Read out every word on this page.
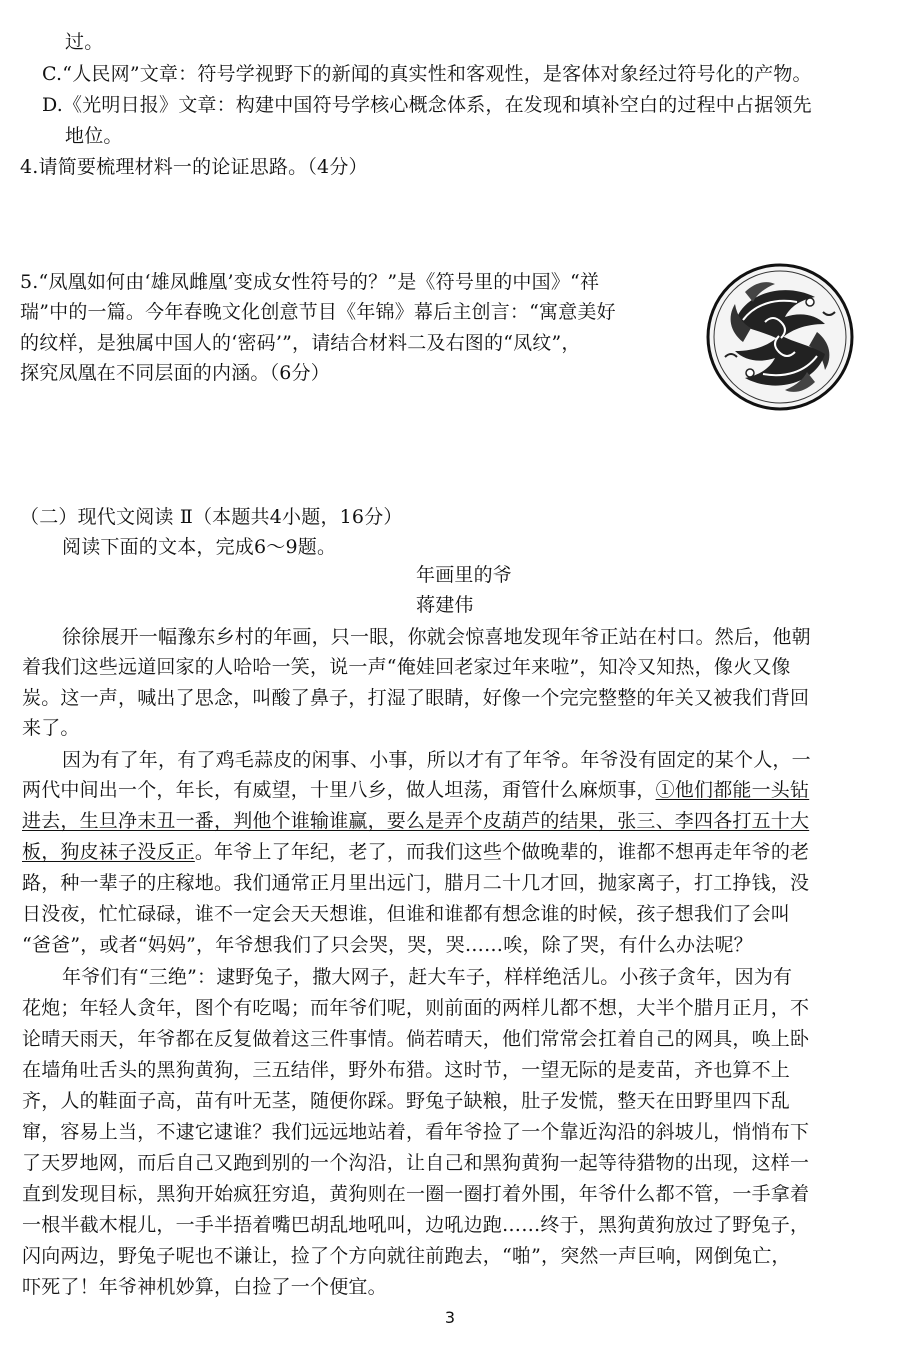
过。
C.“人民网”文章：符号学视野下的新闻的真实性和客观性，是客体对象经过符号化的产物。
D.《光明日报》文章：构建中国符号学核心概念体系，在发现和填补空白的过程中占据领先
地位。
4.请简要梳理材料一的论证思路。（4分）
5.“凤凰如何由‘雄凤雌凰’变成女性符号的？”是《符号里的中国》“祥
瑞”中的一篇。今年春晚文化创意节目《年锦》幕后主创言：“寓意美好
的纹样，是独属中国人的‘密码’”，请结合材料二及右图的“凤纹”，
探究凤凰在不同层面的内涵。（6分）
（二）现代文阅读 Ⅱ（本题共4小题，16分）
阅读下面的文本，完成6～9题。
年画里的爷
蒋建伟
徐徐展开一幅豫东乡村的年画，只一眼，你就会惊喜地发现年爷正站在村口。然后，他朝
着我们这些远道回家的人哈哈一笑，说一声“俺娃回老家过年来啦”，知冷又知热，像火又像
炭。这一声，喊出了思念，叫酸了鼻子，打湿了眼睛，好像一个完完整整的年关又被我们背回
来了。
因为有了年，有了鸡毛蒜皮的闲事、小事，所以才有了年爷。年爷没有固定的某个人，一
两代中间出一个，年长，有威望，十里八乡，做人坦荡，甭管什么麻烦事，①他们都能一头钻
进去，生旦净末丑一番，判他个谁输谁赢，要么是弄个皮葫芦的结果，张三、李四各打五十大
板，狗皮袜子没反正。年爷上了年纪，老了，而我们这些个做晚辈的，谁都不想再走年爷的老
路，种一辈子的庄稼地。我们通常正月里出远门，腊月二十几才回，抛家离子，打工挣钱，没
日没夜，忙忙碌碌，谁不一定会天天想谁，但谁和谁都有想念谁的时候，孩子想我们了会叫
“爸爸”，或者“妈妈”，年爷想我们了只会哭，哭，哭……唉，除了哭，有什么办法呢？
年爷们有“三绝”：逮野兔子，撒大网子，赶大车子，样样绝活儿。小孩子贪年，因为有
花炮；年轻人贪年，图个有吃喝；而年爷们呢，则前面的两样儿都不想，大半个腊月正月，不
论晴天雨天，年爷都在反复做着这三件事情。倘若晴天，他们常常会扛着自己的网具，唤上卧
在墙角吐舌头的黑狗黄狗，三五结伴，野外布猎。这时节，一望无际的是麦苗，齐也算不上
齐，人的鞋面子高，苗有叶无茎，随便你踩。野兔子缺粮，肚子发慌，整天在田野里四下乱
窜，容易上当，不逮它逮谁？我们远远地站着，看年爷捡了一个靠近沟沿的斜坡儿，悄悄布下
了天罗地网，而后自己又跑到别的一个沟沿，让自己和黑狗黄狗一起等待猎物的出现，这样一
直到发现目标，黑狗开始疯狂穷追，黄狗则在一圈一圈打着外围，年爷什么都不管，一手拿着
一根半截木棍儿，一手半捂着嘴巴胡乱地吼叫，边吼边跑……终于，黑狗黄狗放过了野兔子，
闪向两边，野兔子呢也不谦让，捡了个方向就往前跑去，“啪”，突然一声巨响，网倒兔亡，
吓死了！年爷神机妙算，白捡了一个便宜。
3
